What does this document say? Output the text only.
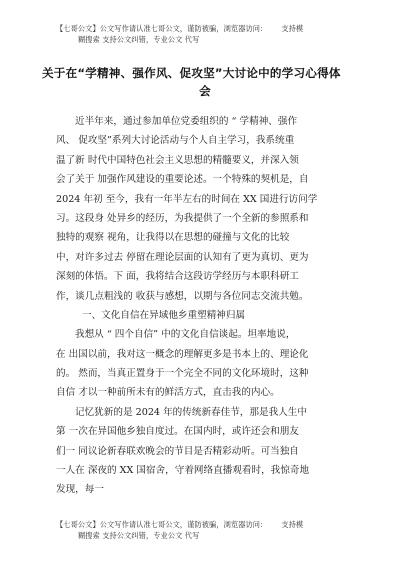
【七哥公文】公文写作请认准七哥公文，谨防被骗，浏览器访问： 支持模
糊搜索 支持公文纠错，专业公文 代写
关于在“学精神、强作风、促攻坚”大讨论中的学习心得体
会
近半年来，通过参加单位党委组织的 “ 学精神、强作
风、 促攻坚”系列大讨论活动与个人自主学习，我系统重
温了新 时代中国特色社会主义思想的精髓要义，并深入领
会了关于 加强作风建设的重要论述。一个特殊的契机是，自
2024 年初 至今，我有一年半左右的时间在 XX 国进行访问学
习。这段身 处异乡的经历，为我提供了一个全新的参照系和
独特的观察 视角，让我得以在思想的碰撞与文化的比较
中，对许多过去 停留在理论层面的认知有了更为真切、更为
深刻的体悟。下 面，我将结合这段访学经历与本职科研工
作，谈几点粗浅的 收获与感想，以期与各位同志交流共勉。
一、文化自信在异域他乡重塑精神归属
我想从 “ 四个自信” 中的文化自信谈起。坦率地说，
在 出国以前，我对这一概念的理解更多是书本上的、理论化
的。 然而，当真正置身于一个完全不同的文化环境时，这种
自信 才以一种前所未有的鲜活方式，直击我的内心。
记忆犹新的是 2024 年的传统新春佳节，那是我人生中
第 一次在异国他乡独自度过。在国内时，或许还会和朋友
们一 同议论新春联欢晚会的节目是否精彩动听。可当独自
一人在 深夜的 XX 国宿舍，守着网络直播观看时，我惊奇地
发现，每一
【七哥公文】公文写作请认准七哥公文，谨防被骗，浏览器访问： 支持模
糊搜索 支持公文纠错，专业公文 代写
